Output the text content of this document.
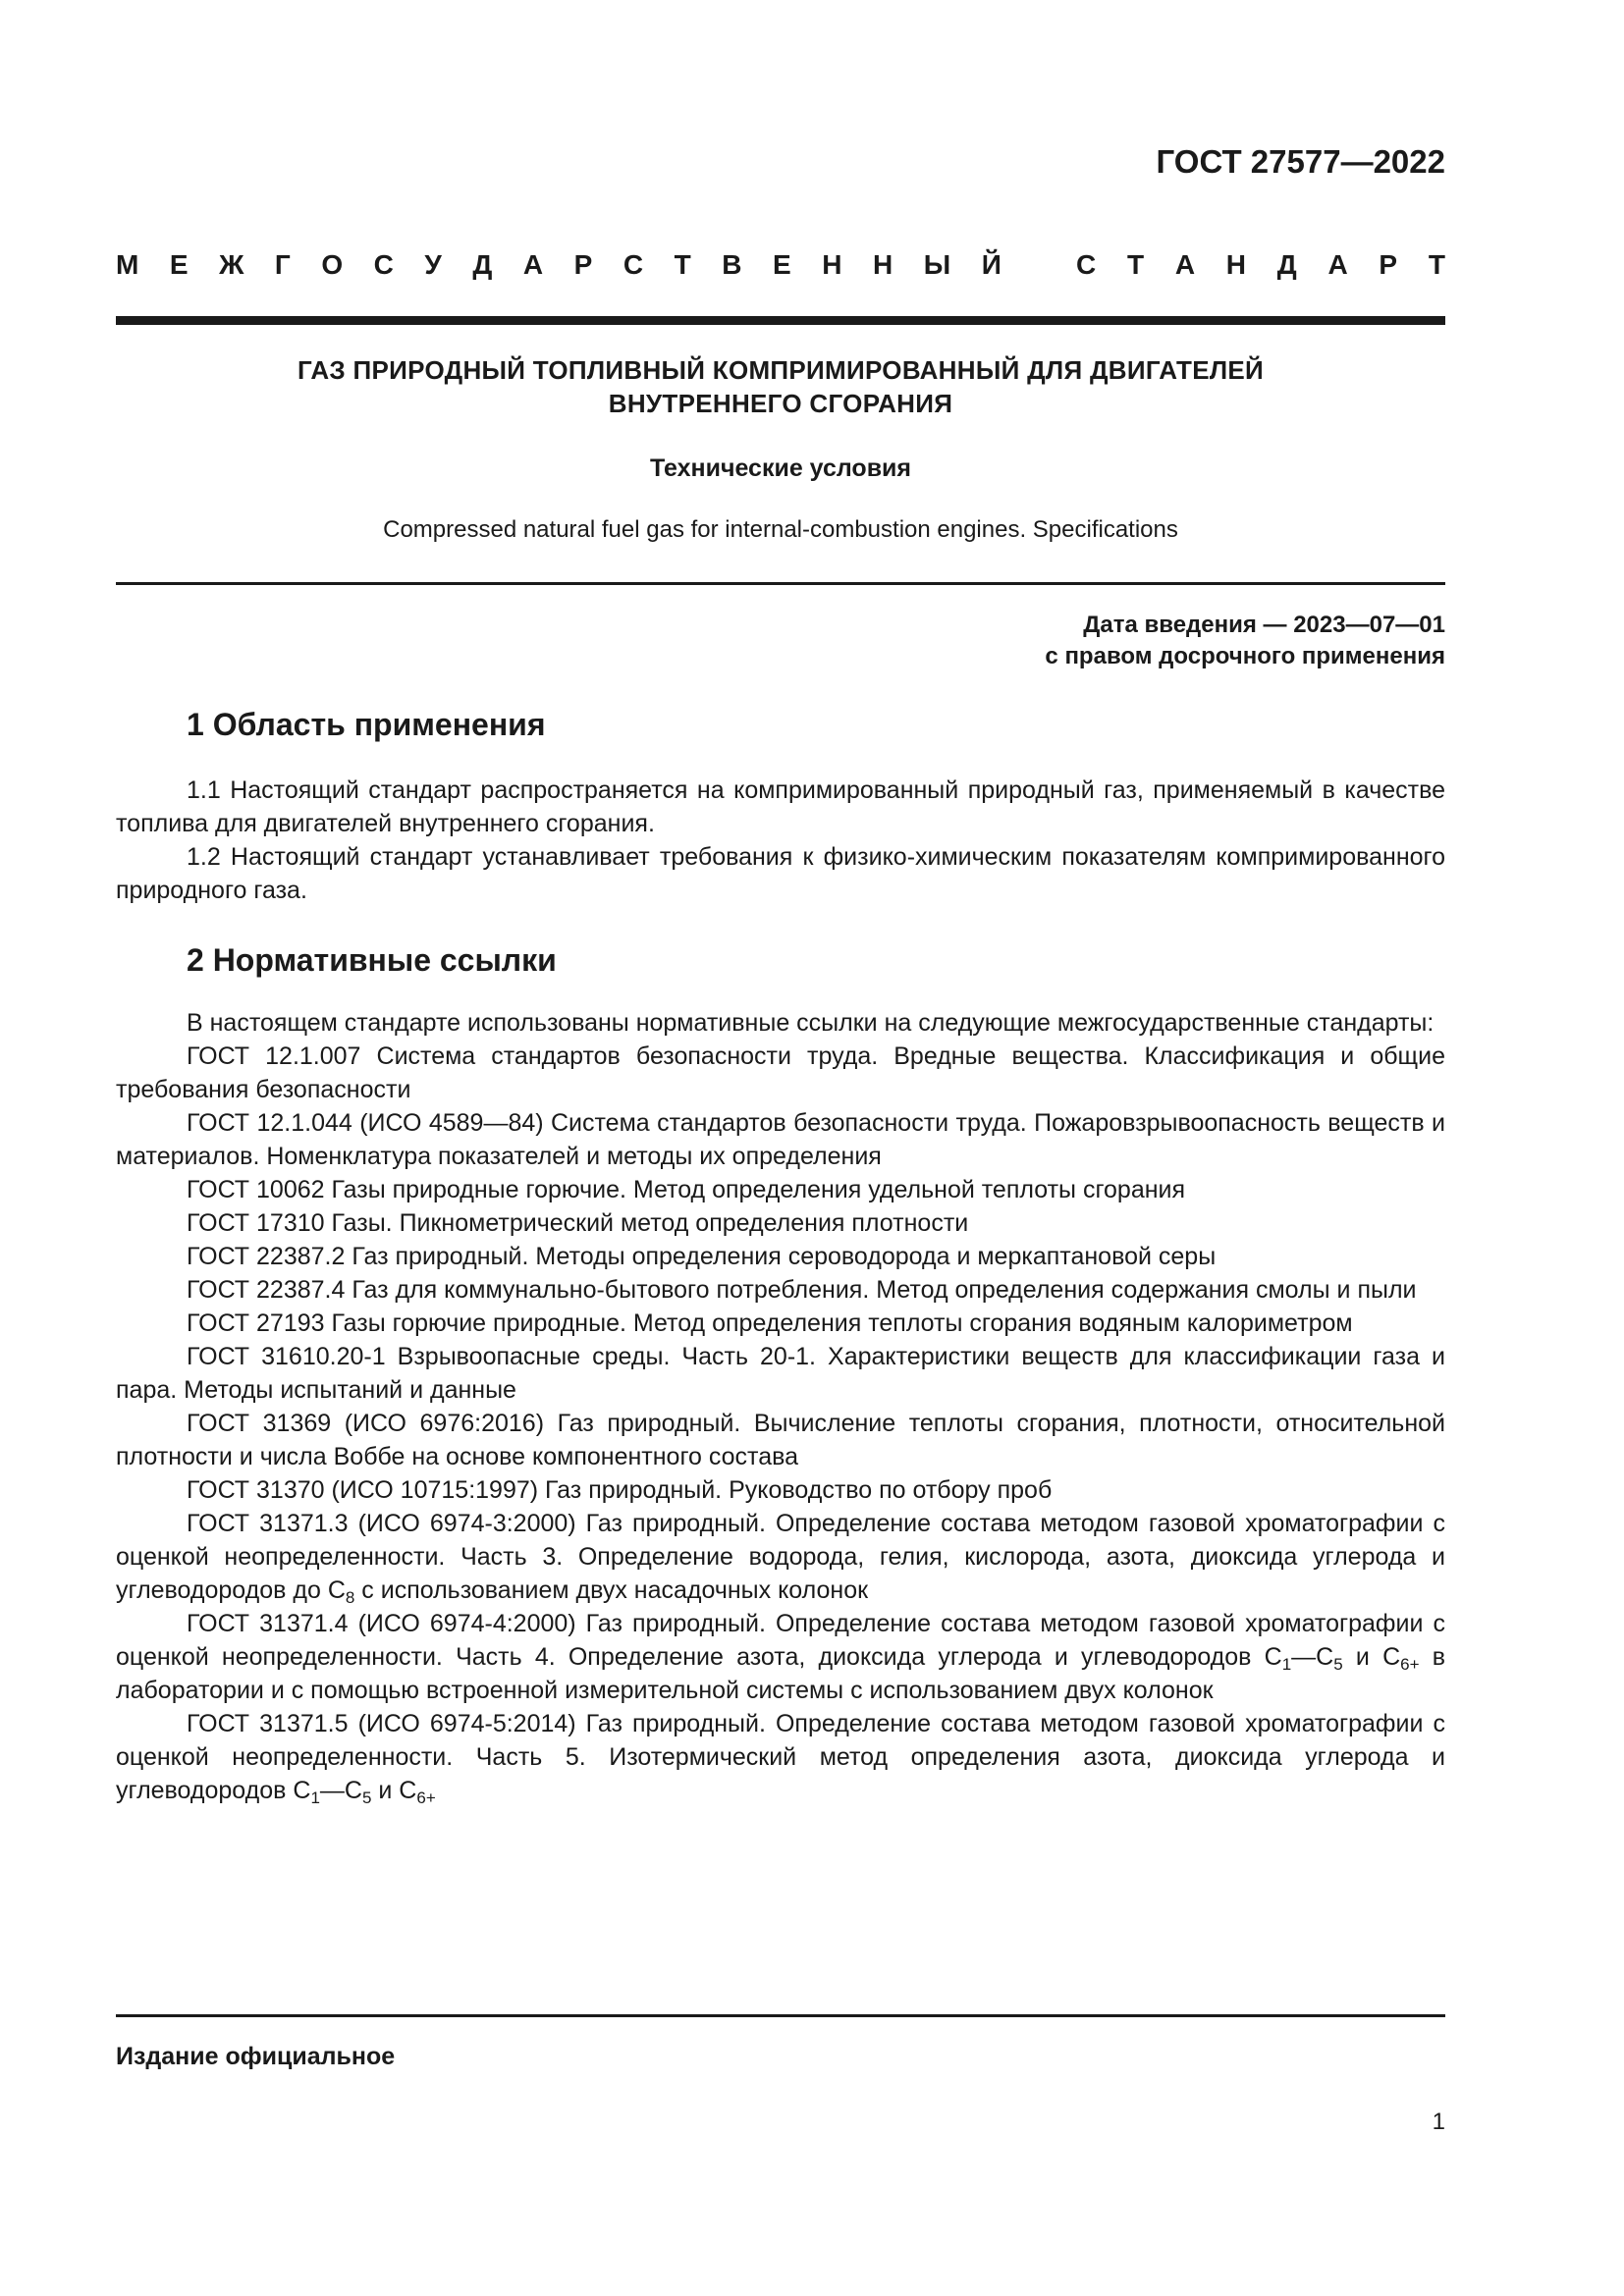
ГОСТ 27577—2022
М Е Ж Г О С У Д А Р С Т В Е Н Н Ы Й	С Т А Н Д А Р Т
ГАЗ ПРИРОДНЫЙ ТОПЛИВНЫЙ КОМПРИМИРОВАННЫЙ ДЛЯ ДВИГАТЕЛЕЙ
ВНУТРЕННЕГО СГОРАНИЯ
Технические условия
Compressed natural fuel gas for internal-combustion engines. Specifications
Дата введения — 2023—07—01
с правом досрочного применения
1 Область применения

1.1 Настоящий стандарт распространяется на компримированный природный газ, применяемый в качестве топлива для двигателей внутреннего сгорания.

1.2 Настоящий стандарт устанавливает требования к физико-химическим показателям компримированного природного газа.

2 Нормативные ссылки

В настоящем стандарте использованы нормативные ссылки на следующие межгосударственные стандарты:

ГОСТ 12.1.007 Система стандартов безопасности труда. Вредные вещества. Классификация и общие требования безопасности

ГОСТ 12.1.044 (ИСО 4589—84) Система стандартов безопасности труда. Пожаровзрывоопасность веществ и материалов. Номенклатура показателей и методы их определения

ГОСТ 10062 Газы природные горючие. Метод определения удельной теплоты сгорания

ГОСТ 17310 Газы. Пикнометрический метод определения плотности

ГОСТ 22387.2 Газ природный. Методы определения сероводорода и меркаптановой серы

ГОСТ 22387.4 Газ для коммунально-бытового потребления. Метод определения содержания смолы и пыли

ГОСТ 27193 Газы горючие природные. Метод определения теплоты сгорания водяным калориметром

ГОСТ 31610.20-1 Взрывоопасные среды. Часть 20-1. Характеристики веществ для классификации газа и пара. Методы испытаний и данные

ГОСТ 31369 (ИСО 6976:2016) Газ природный. Вычисление теплоты сгорания, плотности, относительной плотности и числа Воббе на основе компонентного состава

ГОСТ 31370 (ИСО 10715:1997) Газ природный. Руководство по отбору проб

ГОСТ 31371.3 (ИСО 6974-3:2000) Газ природный. Определение состава методом газовой хроматографии с оценкой неопределенности. Часть 3. Определение водорода, гелия, кислорода, азота, диоксида углерода и углеводородов до $С_8$ с использованием двух насадочных колонок

ГОСТ 31371.4 (ИСО 6974-4:2000) Газ природный. Определение состава методом газовой хроматографии с оценкой неопределенности. Часть 4. Определение азота, диоксида углерода и углеводородов $С_1—С_5$ и $С_{6+}$ в лаборатории и с помощью встроенной измерительной системы с использованием двух колонок

ГОСТ 31371.5 (ИСО 6974-5:2014) Газ природный. Определение состава методом газовой хроматографии с оценкой неопределенности. Часть 5. Изотермический метод определения азота, диоксида углерода и углеводородов $С_1—С_5$ и $С_{6+}$

Издание официальное
1
